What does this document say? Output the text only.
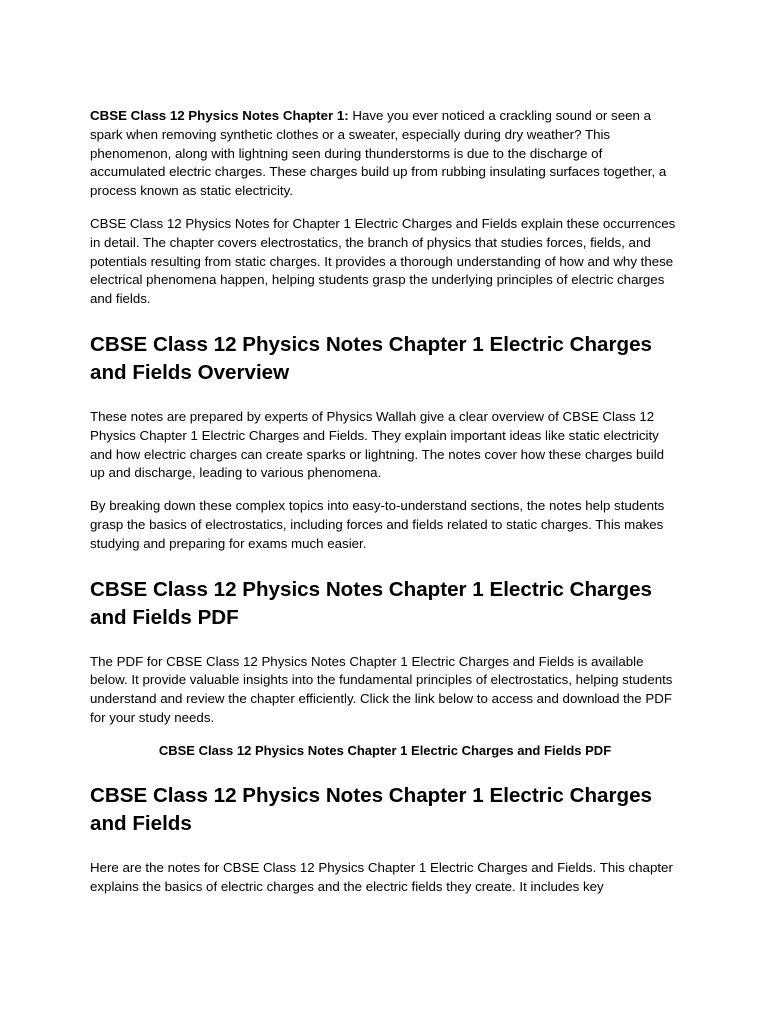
CBSE Class 12 Physics Notes Chapter 1: Have you ever noticed a crackling sound or seen a spark when removing synthetic clothes or a sweater, especially during dry weather? This phenomenon, along with lightning seen during thunderstorms is due to the discharge of accumulated electric charges. These charges build up from rubbing insulating surfaces together, a process known as static electricity.

CBSE Class 12 Physics Notes for Chapter 1 Electric Charges and Fields explain these occurrences in detail. The chapter covers electrostatics, the branch of physics that studies forces, fields, and potentials resulting from static charges. It provides a thorough understanding of how and why these electrical phenomena happen, helping students grasp the underlying principles of electric charges and fields.

CBSE Class 12 Physics Notes Chapter 1 Electric Charges and Fields Overview

These notes are prepared by experts of Physics Wallah give a clear overview of CBSE Class 12 Physics Chapter 1 Electric Charges and Fields. They explain important ideas like static electricity and how electric charges can create sparks or lightning. The notes cover how these charges build up and discharge, leading to various phenomena.

By breaking down these complex topics into easy-to-understand sections, the notes help students grasp the basics of electrostatics, including forces and fields related to static charges. This makes studying and preparing for exams much easier.

CBSE Class 12 Physics Notes Chapter 1 Electric Charges and Fields PDF

The PDF for CBSE Class 12 Physics Notes Chapter 1 Electric Charges and Fields is available below. It provide valuable insights into the fundamental principles of electrostatics, helping students understand and review the chapter efficiently. Click the link below to access and download the PDF for your study needs.

CBSE Class 12 Physics Notes Chapter 1 Electric Charges and Fields PDF

CBSE Class 12 Physics Notes Chapter 1 Electric Charges and Fields

Here are the notes for CBSE Class 12 Physics Chapter 1 Electric Charges and Fields. This chapter explains the basics of electric charges and the electric fields they create. It includes key
